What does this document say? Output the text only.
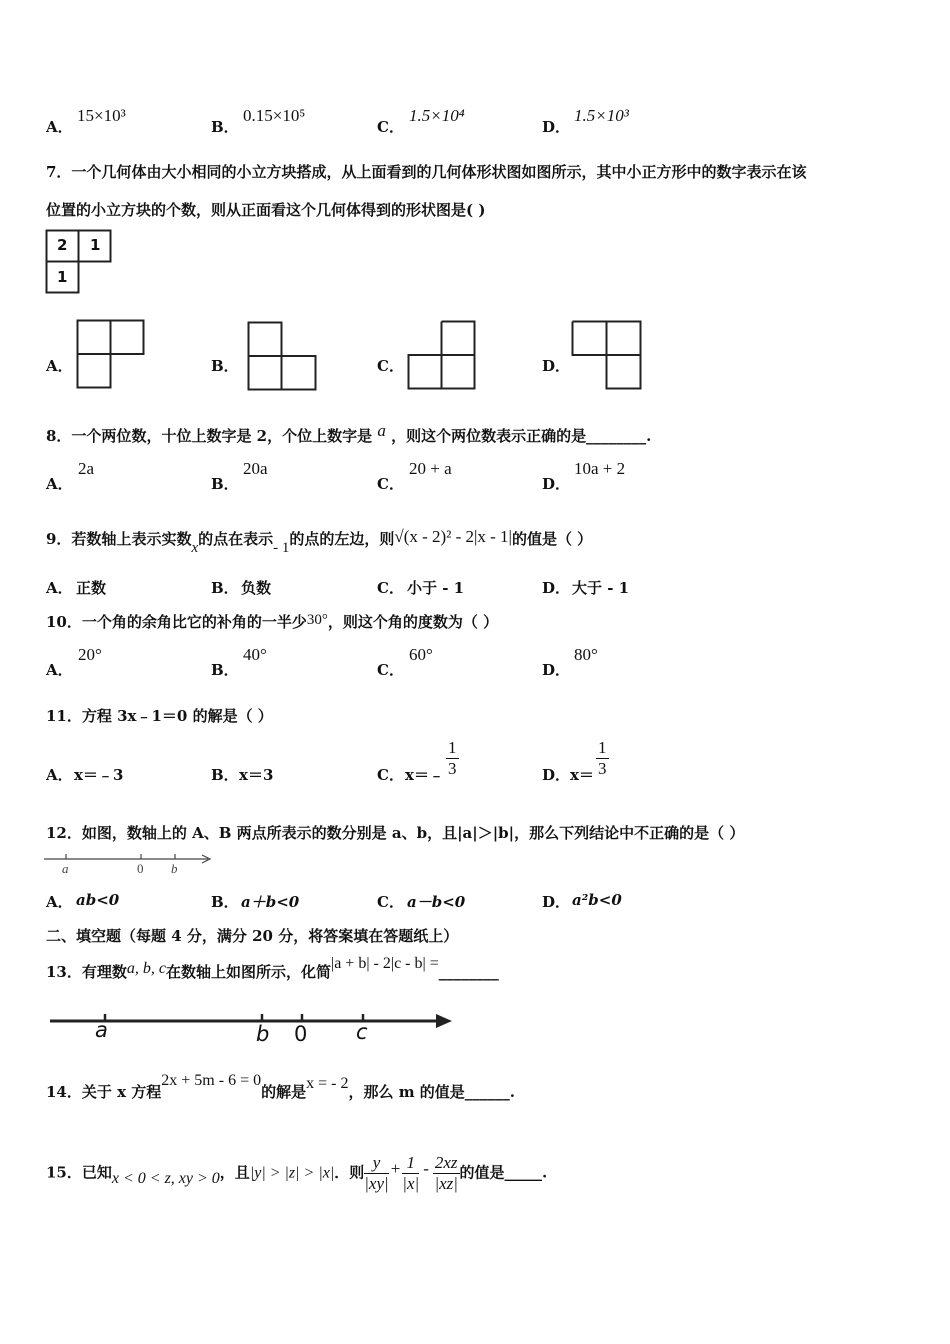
A．
15×10³
B．
0.15×10⁵
C．
1.5×10⁴
D．
1.5×10³
7．一个几何体由大小相同的小立方块搭成，从上面看到的几何体形状图如图所示，其中小正方形中的数字表示在该
位置的小立方块的个数，则从正面看这个几何体得到的形状图是( )
2 1
1
A．	B．	C．	D．
8．一个两位数，十位上数字是 2，个位上数字是 a ，则这个两位数表示正确的是________.
A．
2a
B．
20a
C．
20 + a
D．
10a + 2
9．若数轴上表示实数x的点在表示- 1的点的左边，则√(x - 2)² - 2|x - 1|的值是（ ）
A． 正数	B． 负数	C． 小于 - 1	D． 大于 - 1
10．一个角的余角比它的补角的一半少30°，则这个角的度数为（ ）
A．
20°
B．
40°
C．
60°
D．
80°
11．方程 3x﹣1＝0 的解是（ ）
A． x＝﹣3	B． x＝3	C． x＝﹣ $\frac{1}{3}$	D． $x= \frac{1}{3}$
12．如图，数轴上的 A、B 两点所表示的数分别是 a、b，且|a|＞|b|，那么下列结论中不正确的是（ ）
a	0 b
A． ab<0	B． a＋b<0	C． a－b<0	D． a²b<0
二、填空题（每题 4 分，满分 20 分，将答案填在答题纸上）
13．有理数a, b, c在数轴上如图所示，化简|a + b| - 2|c - b| =________
a	b 0 c
14．关于 x 方程2x + 5m - 6 = 0的解是x = - 2，那么 m 的值是______.
15．已知x < 0 < z, xy > 0，且|y| > |z| > |x|．则 $\frac{y}{|xy|} + \frac{1}{|x|} - \frac{2xz}{|xz|}$ 的值是_____.
